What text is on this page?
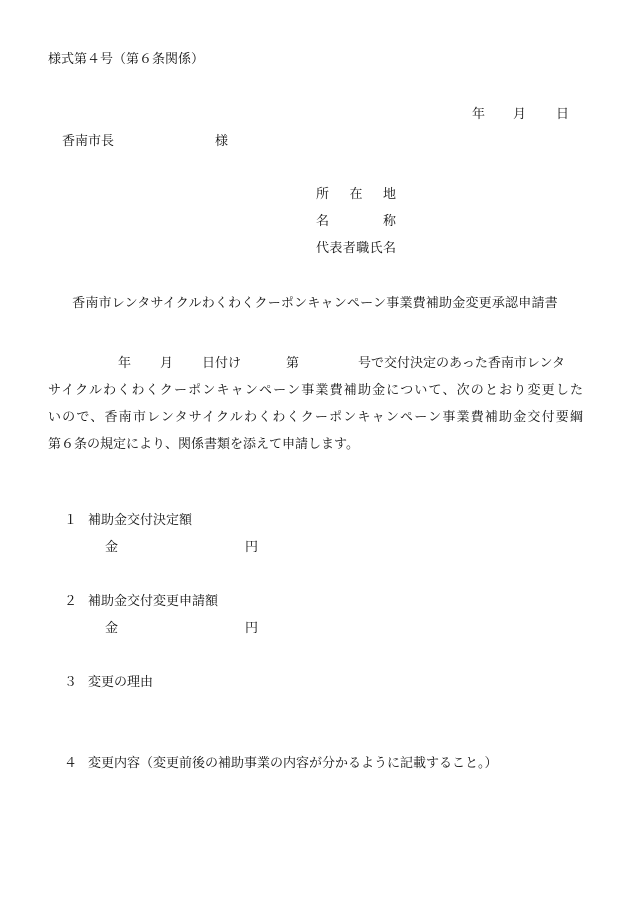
様式第４号（第６条関係）
年 月 日
香南市長	様
所在地
名称
代表者職氏名
香南市レンタサイクルわくわくクーポンキャンペーン事業費補助金変更承認申請書
年 月 日付け	第	号で交付決定のあった香南市レンタ
サイクルわくわくクーポンキャンペーン事業費補助金について、次のとおり変更した
いので、香南市レンタサイクルわくわくクーポンキャンペーン事業費補助金交付要綱
第６条の規定により、関係書類を添えて申請します。
１ 補助金交付決定額
金	円
２ 補助金交付変更申請額
金	円
３ 変更の理由
４ 変更内容（変更前後の補助事業の内容が分かるように記載すること。）
